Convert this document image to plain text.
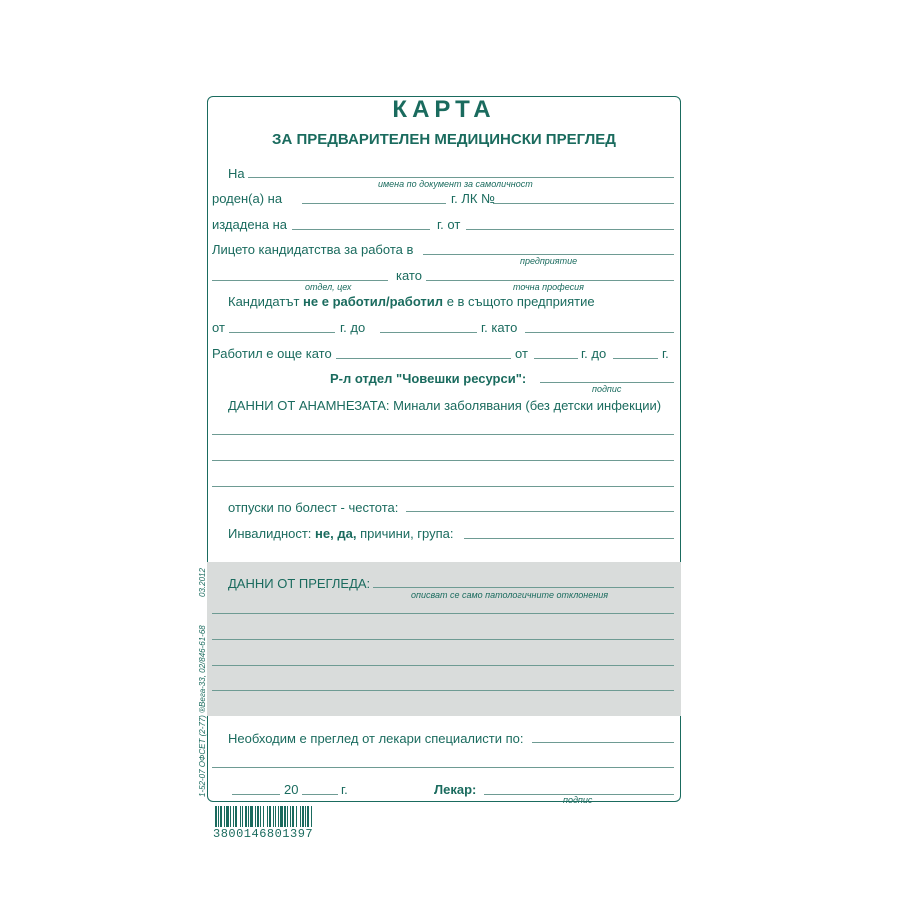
КАРТА
ЗА ПРЕДВАРИТЕЛЕН МЕДИЦИНСКИ ПРЕГЛЕД
На
имена по документ за самоличност
роден(а) на	г. ЛК №
издадена на	г. от
Лицето кандидатства за работа в
предприятие
като
отдел, цех	точна професия
Кандидатът не е работил/работил е в същото предприятие
от	г. до	г. като
Работил е още като	от	г. до	г.
Р-л отдел "Човешки ресурси":
подпис
ДАННИ ОТ АНАМНЕЗАТА: Минали заболявания (без детски инфекции)
отпуски по болест - честота:
Инвалидност: не, да, причини, група:
ДАННИ ОТ ПРЕГЛЕДА:
описват се само патологичните отклонения
Необходим е преглед от лекари специалисти по:
20	г.	Лекар:
подпис
03.2012
1-52-07 ОФСЕТ (2-77) ®Вега-33, 02/846-61-68
3800146801397
